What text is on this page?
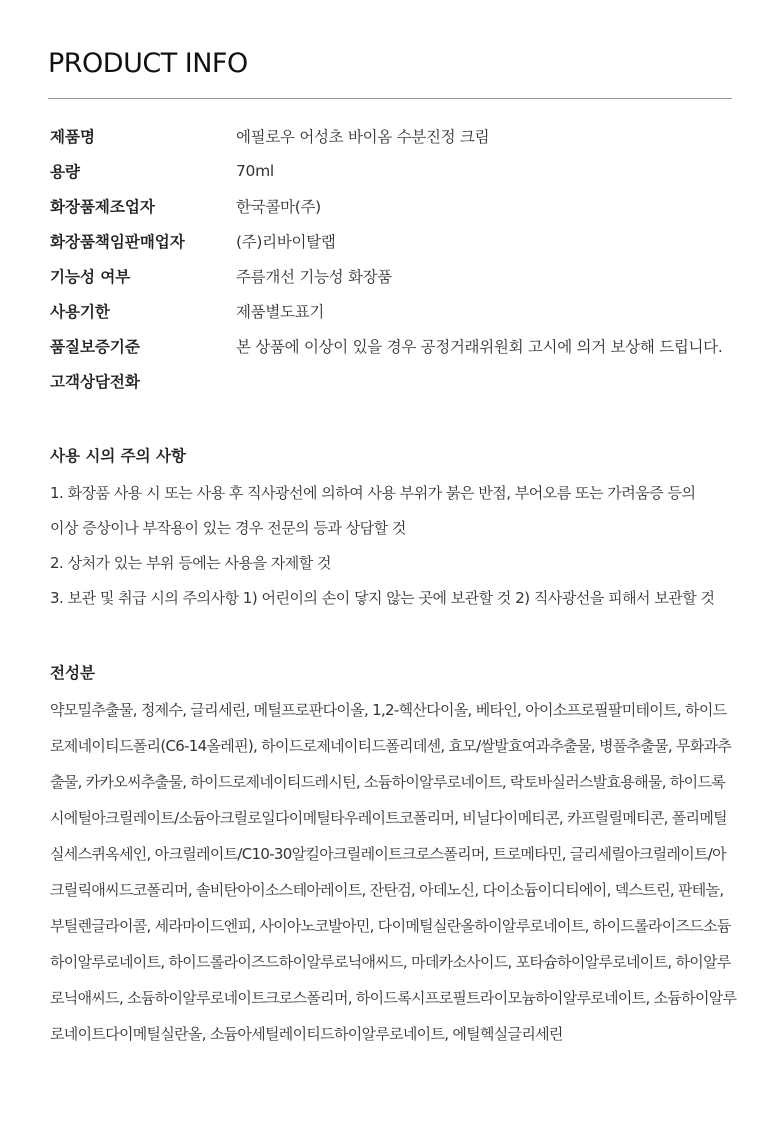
PRODUCT INFO
제품명	에필로우 어성초 바이옴 수분진정 크림
용량	70ml
화장품제조업자	한국콜마(주)
화장품책임판매업자	(주)리바이탈랩
기능성 여부	주름개선 기능성 화장품
사용기한	제품별도표기
품질보증기준	본 상품에 이상이 있을 경우 공정거래위원회 고시에 의거 보상해 드립니다.
고객상담전화
사용 시의 주의 사항
1. 화장품 사용 시 또는 사용 후 직사광선에 의하여 사용 부위가 붉은 반점, 부어오름 또는 가려움증 등의
이상 증상이나 부작용이 있는 경우 전문의 등과 상담할 것
2. 상처가 있는 부위 등에는 사용을 자제할 것
3. 보관 및 취급 시의 주의사항 1) 어린이의 손이 닿지 않는 곳에 보관할 것 2) 직사광선을 피해서 보관할 것
전성분
약모밀추출물, 정제수, 글리세린, 메틸프로판다이올, 1,2-헥산다이올, 베타인, 아이소프로필팔미테이트, 하이드로제네이티드폴리(C6-14올레핀), 하이드로제네이티드폴리데센, 효모/쌀발효여과추출물, 병풀추출물, 무화과추출물, 카카오씨추출물, 하이드로제네이티드레시틴, 소듐하이알루로네이트, 락토바실러스발효용해물, 하이드록시에틸아크릴레이트/소듐아크릴로일다이메틸타우레이트코폴리머, 비닐다이메티콘, 카프릴릴메티콘, 폴리메틸실세스퀴옥세인, 아크릴레이트/C10-30알킬아크릴레이트크로스폴리머, 트로메타민, 글리세릴아크릴레이트/아크릴릭애씨드코폴리머, 솔비탄아이소스테아레이트, 잔탄검, 아데노신, 다이소듐이디티에이, 덱스트린, 판테놀, 부틸렌글라이콜, 세라마이드엔피, 사이아노코발아민, 다이메틸실란올하이알루로네이트, 하이드롤라이즈드소듐하이알루로네이트, 하이드롤라이즈드하이알루로닉애씨드, 마데카소사이드, 포타슘하이알루로네이트, 하이알루로닉애씨드, 소듐하이알루로네이트크로스폴리머, 하이드록시프로필트라이모늄하이알루로네이트, 소듐하이알루로네이트다이메틸실란올, 소듐아세틸레이티드하이알루로네이트, 에틸헥실글리세린
